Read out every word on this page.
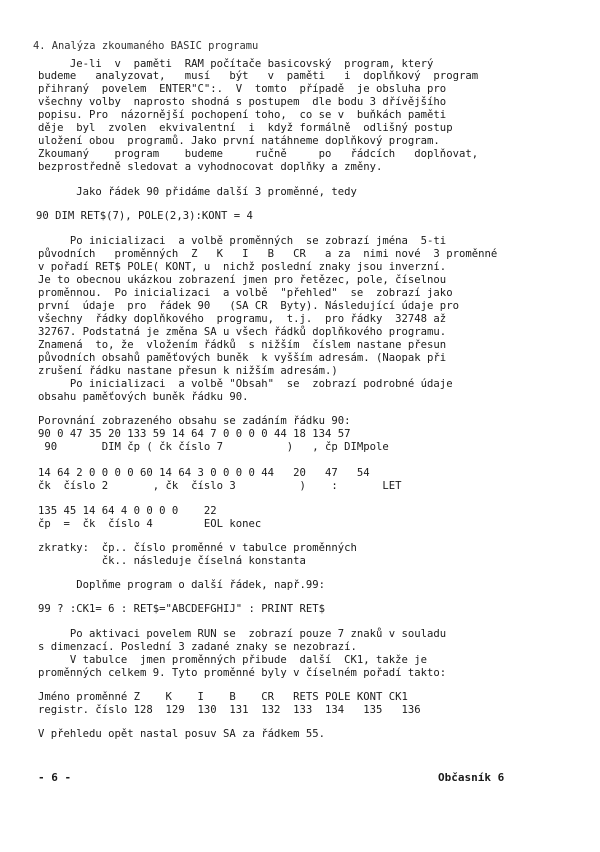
4. Analýza zkoumaného BASIC programu
Je-li  v  paměti  RAM počítače basicovský  program, který
budeme   analyzovat,   musí   být   v  paměti   i  doplňkový  program
přihraný  povelem  ENTER"C":.  V  tomto  případě  je obsluha pro
všechny volby  naprosto shodná s postupem  dle bodu 3 dřívějšího
popisu. Pro  názornější pochopení toho,  co se v  buňkách paměti
děje  byl  zvolen  ekvivalentní  i  když formálně  odlišný postup
uložení obou  programů. Jako první natáhneme doplňkový program.
Zkoumaný    program    budeme     ručně     po   řádcích   doplňovat,
bezprostředně sledovat a vyhodnocovat doplňky a změny.
Jako řádek 90 přidáme další 3 proměnné, tedy
90 DIM RET$(7), POLE(2,3):KONT = 4
Po inicializaci  a volbě proměnných  se zobrazí jména  5-ti
původních   proměnných  Z   K   I   B   CR   a za  nimi nové  3 proměnné
v pořadí RET$ POLE( KONT, u  nichž poslední znaky jsou inverzní.
Je to obecnou ukázkou zobrazení jmen pro řetězec, pole, číselnou
proměnnou.  Po inicializaci  a volbě  "přehled"  se  zobrazí jako
první  údaje  pro  řádek 90   (SA CR  Byty). Následující údaje pro
všechny  řádky doplňkového  programu,  t.j.  pro řádky  32748 až
32767. Podstatná je změna SA u všech řádků doplňkového programu.
Znamená  to, že  vložením řádků  s nižším  číslem nastane přesun
původních obsahů paměťových buněk  k vyšším adresám. (Naopak při
zrušení řádku nastane přesun k nižším adresám.)
Po inicializaci  a volbě "Obsah"  se  zobrazí podrobné údaje
obsahu paměťových buněk řádku 90.
Porovnání zobrazeného obsahu se zadáním řádku 90:
90 0 47 35 20 133 59 14 64 7 0 0 0 0 44 18 134 57
90       DIM čp ( čk číslo 7          )   , čp DIMpole
14 64 2 0 0 0 0 60 14 64 3 0 0 0 0 44   20   47   54
čk  číslo 2       , čk  číslo 3          )    :       LET
135 45 14 64 4 0 0 0 0    22
čp  =  čk  číslo 4        EOL konec
zkratky:  čp.. číslo proměnné v tabulce proměnných
čk.. následuje číselná konstanta
Doplňme program o další řádek, např.99:
99 ? :CK1= 6 : RET$="ABCDEFGHIJ" : PRINT RET$
Po aktivaci povelem RUN se  zobrazí pouze 7 znaků v souladu
s dimenzací. Poslední 3 zadané znaky se nezobrazí.
V tabulce  jmen proměnných přibude  další  CK1, takže je
proměnných celkem 9. Tyto proměnné byly v číselném pořadí takto:
Jméno proměnné Z    K    I    B    CR   RETS POLE KONT CK1
registr. číslo 128  129  130  131  132  133  134   135   136
V přehledu opět nastal posuv SA za řádkem 55.
- 6 -	Občasník 6
